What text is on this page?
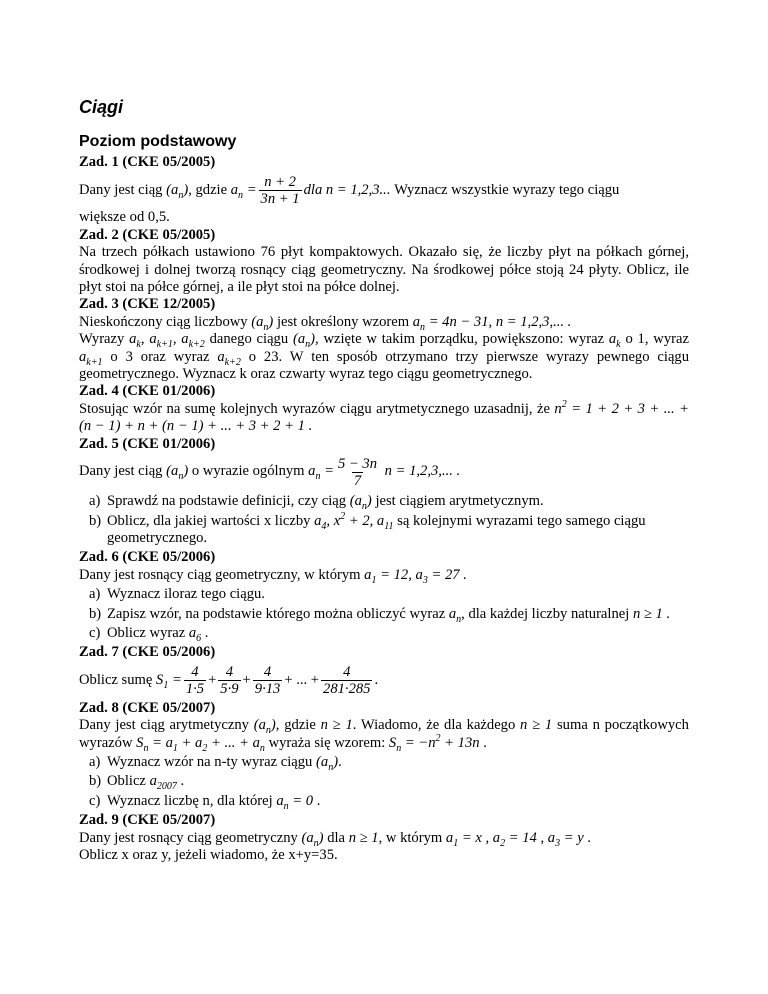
Ciągi
Poziom podstawowy
Zad. 1 (CKE 05/2005)
Dany jest ciąg
$(a_n)$ , gdzie
$a_n = \frac{n + 2}{3n + 1}$ dla n = 1,2,3...
Wyznacz wszystkie wyrazy tego ciągu

większe od 0,5.

Zad. 2 (CKE 05/2005)

Na trzech półkach ustawiono 76 płyt kompaktowych. Okazało się, że liczby płyt na półkach górnej, środkowej i dolnej tworzą rosnący ciąg geometryczny. Na środkowej półce stoją 24 płyty. Oblicz, ile płyt stoi na półce górnej, a ile płyt stoi na półce dolnej.

Zad. 3 (CKE 12/2005)

Nieskończony ciąg liczbowy $(a_n)$ jest określony wzorem $a_n = 4n - 31$, n = 1,2,3,... .

Wyrazy $a_k$, $a_{k+1}$, $a_{k+2}$ danego ciągu $(a_n)$, wzięte w takim porządku, powiększono: wyraz $a_k$ o 1, wyraz $a_{k+1}$ o 3 oraz wyraz $a_{k+2}$ o 23. W ten sposób otrzymano trzy pierwsze wyrazy pewnego ciągu geometrycznego. Wyznacz k oraz czwarty wyraz tego ciągu geometrycznego.

Zad. 4 (CKE 01/2006)

Stosując wzór na sumę kolejnych wyrazów ciągu arytmetycznego uzasadnij, że $n^2 = 1 + 2 + 3$ + ... + (n − 1) + n + (n − 1) + ... + 3 + 2 + 1 .

Zad. 5 (CKE 01/2006)
Dany jest ciąg
$(a_n)$
o wyrazie ogólnym
$a_n = \frac{5 - 3n}{7}$
n = 1,2,3,... .
a) Sprawdź na podstawie definicji, czy ciąg $(a_n)$ jest ciągiem arytmetycznym.
b) Oblicz, dla jakiej wartości x liczby $a_4$, $x^2 + 2$, $a_{11}$ są kolejnymi wyrazami tego samego ciągu geometrycznego.
Zad. 6 (CKE 05/2006)

Dany jest rosnący ciąg geometryczny, w którym $a_1 = 12$, $a_3 = 27$ .

a) Wyznacz iloraz tego ciągu.
b) Zapisz wzór, na podstawie którego można obliczyć wyraz $a_n$, dla każdej liczby naturalnej n ≥ 1 .
c) Oblicz wyraz $a_6$ .
Zad. 7 (CKE 05/2006)
Oblicz sumę
$S_1 = \frac{4}{1\cdot 5} + \frac{4}{5\cdot 9} + \frac{4}{9\cdot 13}$ + ... + $\frac{4}{281\cdot 285}$ .
Zad. 8 (CKE 05/2007)

Dany jest ciąg arytmetyczny $(a_n)$, gdzie n ≥ 1. Wiadomo, że dla każdego n ≥ 1 suma n początkowych wyrazów $S_n = a_1 + a_2$ + ... + $a_n$ wyraża się wzorem: $S_n = -n^2 + 13n$ .

a) Wyznacz wzór na n-ty wyraz ciągu $(a_n)$.
b) Oblicz $a_{2007}$ .
c) Wyznacz liczbę n, dla której $a_n = 0$ .
Zad. 9 (CKE 05/2007)

Dany jest rosnący ciąg geometryczny $(a_n)$ dla n ≥ 1, w którym $a_1 = x$ , $a_2 = 14$ , $a_3 = y$ .

Oblicz x oraz y, jeżeli wiadomo, że x+y=35.
